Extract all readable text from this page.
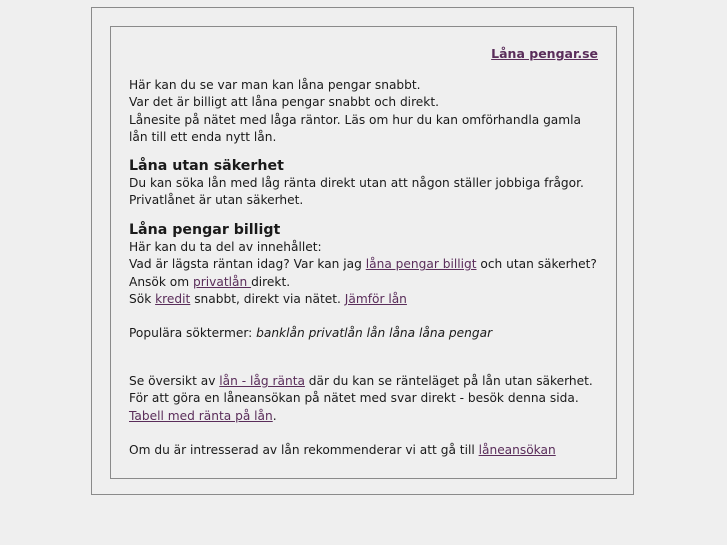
Låna pengar.se

Här kan du se var man kan låna pengar snabbt.

Var det är billigt att låna pengar snabbt och direkt.

Lånesite på nätet med låga räntor. Läs om hur du kan omförhandla gamla lån till ett enda nytt lån.

Låna utan säkerhet

Du kan söka lån med låg ränta direkt utan att någon ställer jobbiga frågor.

Privatlånet är utan säkerhet.

Låna pengar billigt

Här kan du ta del av innehållet:

Vad är lägsta räntan idag? Var kan jag låna pengar billigt och utan säkerhet?

Ansök om privatlån direkt.

Sök kredit snabbt, direkt via nätet. Jämför lån

Populära söktermer: banklån privatlån lån låna låna pengar

Se översikt av lån - låg ränta där du kan se ränteläget på lån utan säkerhet.

För att göra en låneansökan på nätet med svar direkt - besök denna sida.

Tabell med ränta på lån.

Om du är intresserad av lån rekommenderar vi att gå till låneansökan
